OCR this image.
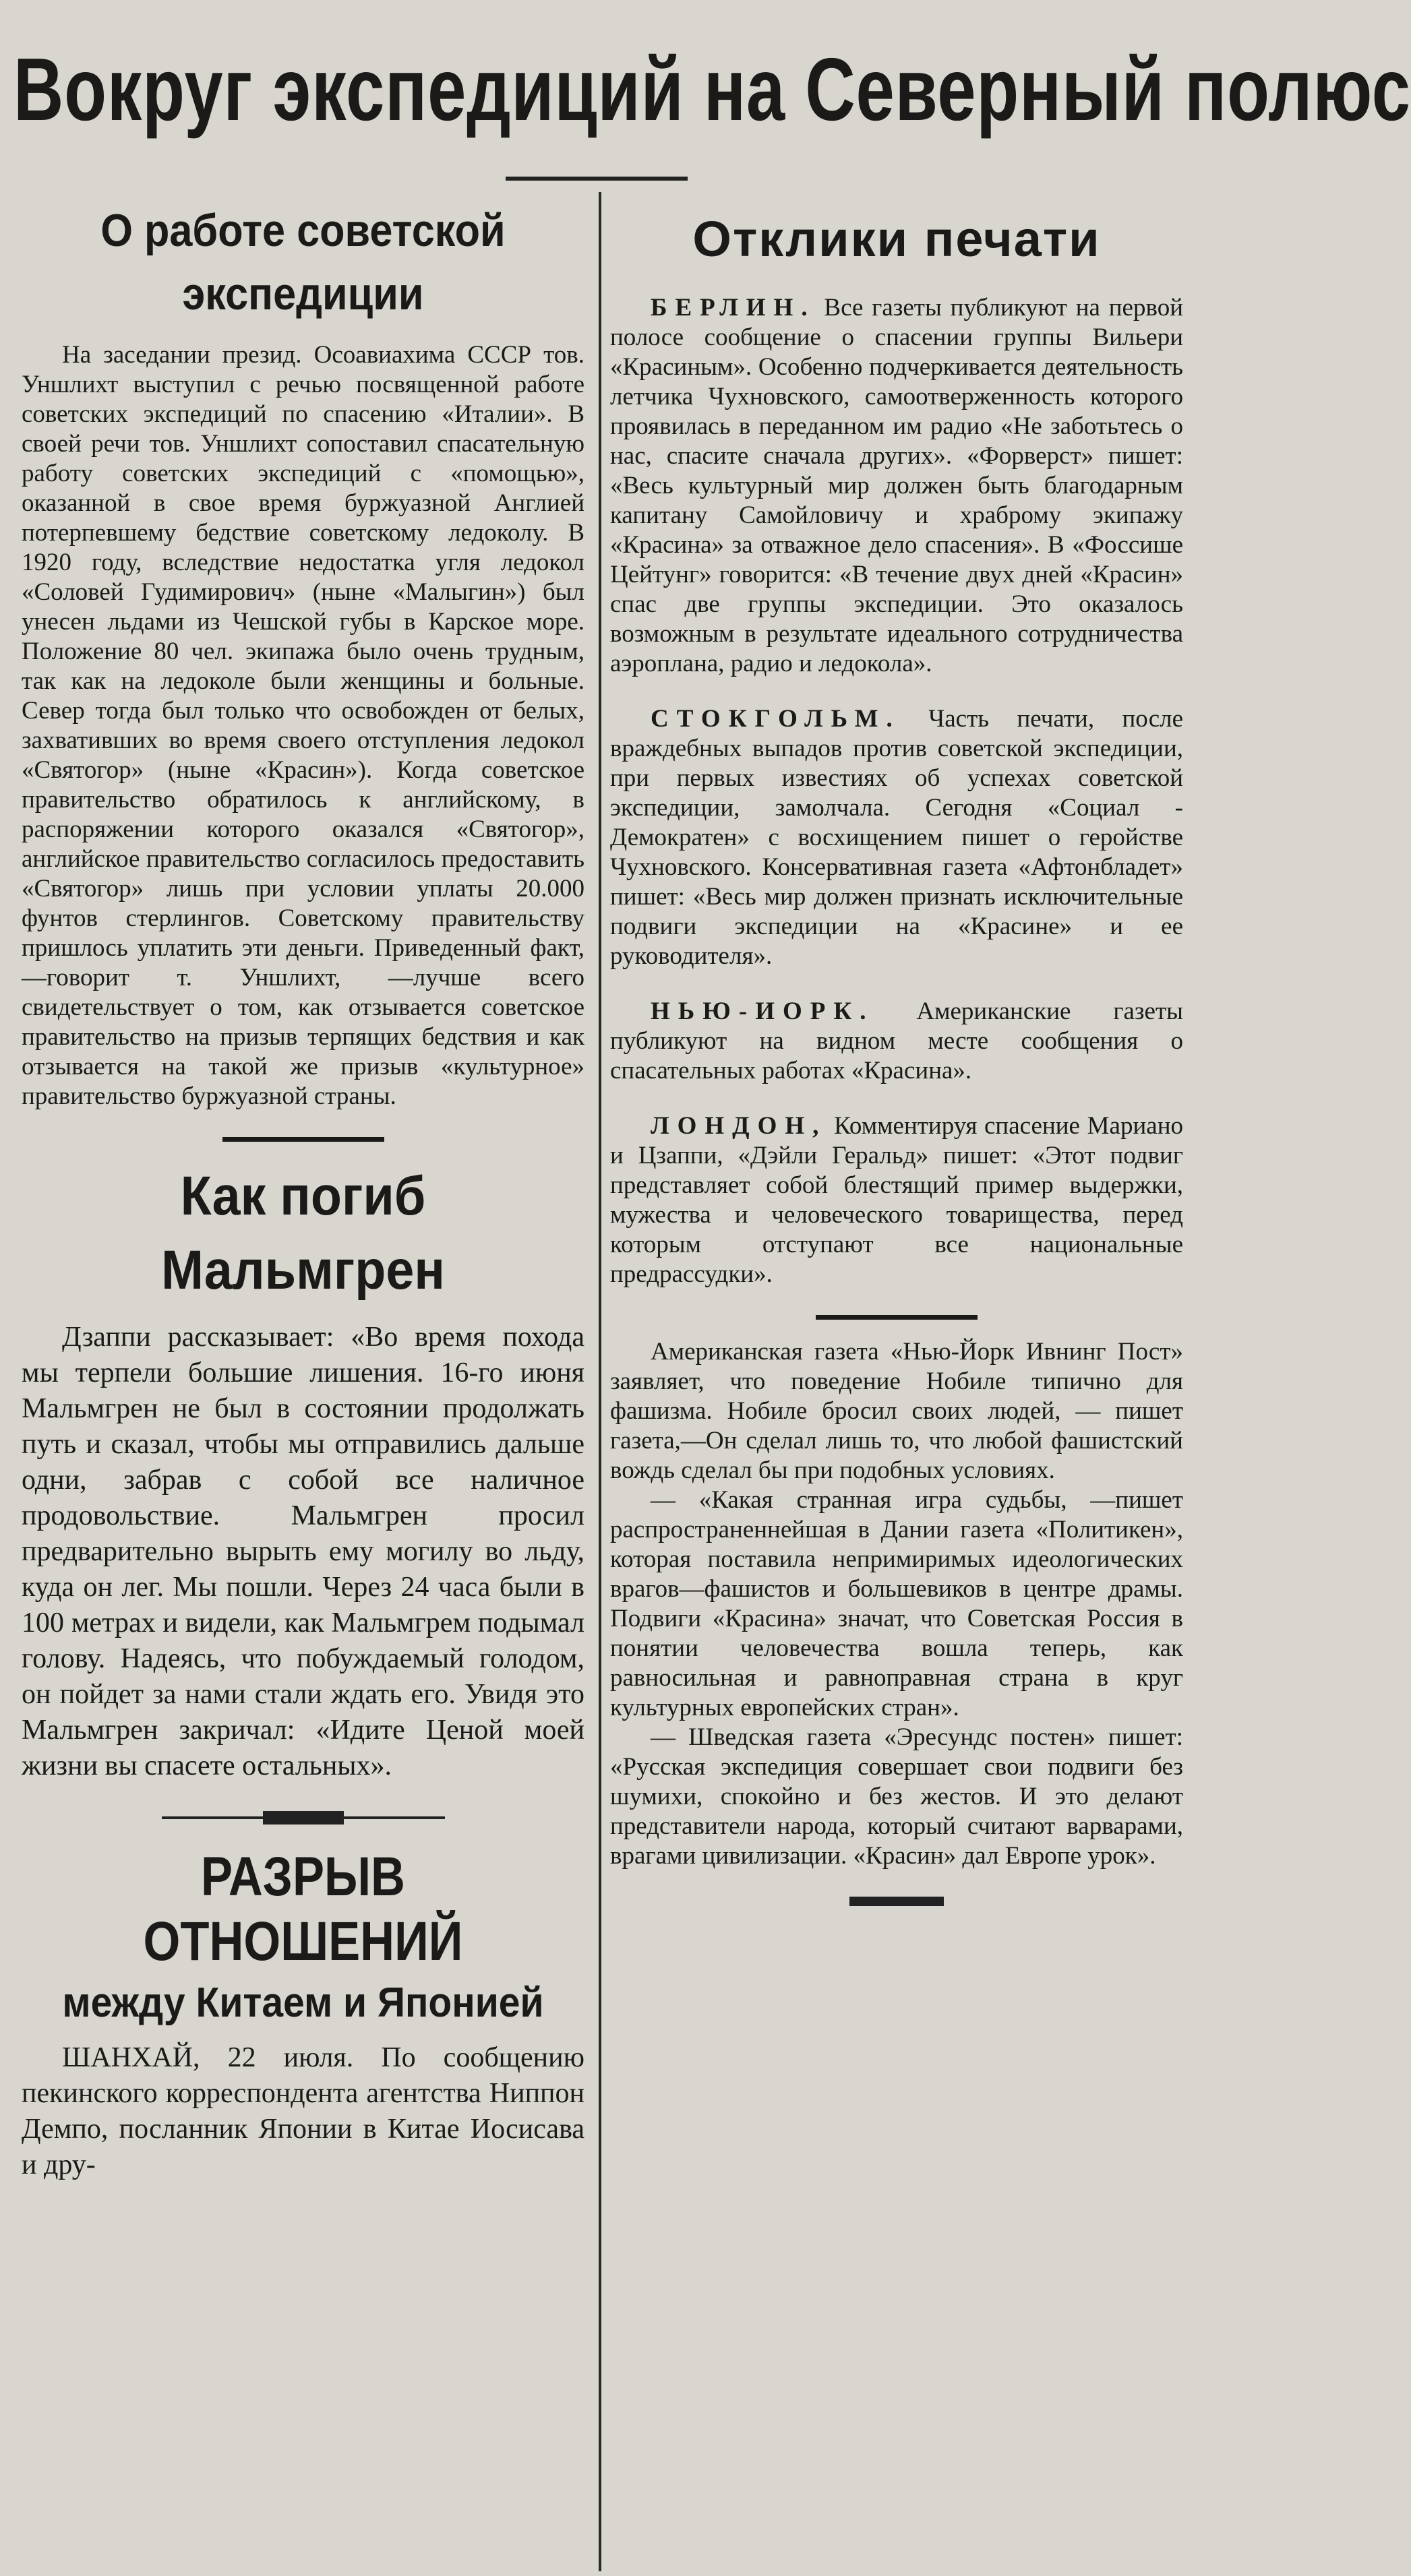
Вокруг экспедиций на Северный полюс
О работе советской экспедиции

На заседании презид. Осоавиахима СССР тов. Уншлихт выступил с речью посвященной работе советских экспедиций по спасению «Италии». В своей речи тов. Уншлихт сопоставил спасательную работу советских экспедиций с «помощью», оказанной в свое время буржуазной Англией потерпевшему бедствие советскому ледоколу. В 1920 году, вследствие недостатка угля ледокол «Соловей Гудимирович» (ныне «Малыгин») был унесен льдами из Чешской губы в Карское море. Положение 80 чел. экипажа было очень трудным, так как на ледоколе были женщины и больные. Север тогда был только что освобожден от белых, захвативших во время своего отступления ледокол «Святогор» (ныне «Красин»). Когда советское правительство обратилось к английскому, в распоряжении которого оказался «Святогор», английское правительство согласилось предоставить «Святогор» лишь при условии уплаты 20.000 фунтов стерлингов. Советскому правительству пришлось уплатить эти деньги. Приведенный факт,—говорит т. Уншлихт, —лучше всего свидетельствует о том, как отзывается советское правительство на призыв терпящих бедствия и как отзывается на такой же призыв «культурное» правительство буржуазной страны.

Как погиб Мальмгрен

Дзаппи рассказывает: «Во время похода мы терпели большие лишения. 16-го июня Мальмгрен не был в состоянии продолжать путь и сказал, чтобы мы отправились дальше одни, забрав с собой все наличное продовольствие. Мальмгрен просил предварительно вырыть ему могилу во льду, куда он лег. Мы пошли. Через 24 часа были в 100 метрах и видели, как Мальмгрем подымал голову. Надеясь, что побуждаемый голодом, он пойдет за нами стали ждать его. Увидя это Мальмгрен закричал: «Идите Ценой моей жизни вы спасете остальных».

РАЗРЫВ ОТНОШЕНИЙ
между Китаем и Японией

ШАНХАЙ, 22 июля. По сообщению пекинского корреспондента агентства Ниппон Демпо, посланник Японии в Китае Иосисава и дру-

Отклики печати

БЕРЛИН. Все газеты публикуют на первой полосе сообщение о спасении группы Вильери «Красиным». Особенно подчеркивается деятельность летчика Чухновского, самоотверженность которого проявилась в переданном им радио «Не заботьтесь о нас, спасите сначала других». «Форверст» пишет: «Весь культурный мир должен быть благодарным капитану Самойловичу и храброму экипажу «Красина» за отважное дело спасения». В «Фоссише Цейтунг» говорится: «В течение двух дней «Красин» спас две группы экспедиции. Это оказалось возможным в результате идеального сотрудничества аэроплана, радио и ледокола».

СТОКГОЛЬМ. Часть печати, после враждебных выпадов против советской экспедиции, при первых известиях об успехах советской экспедиции, замолчала. Сегодня «Социал - Демократен» с восхищением пишет о геройстве Чухновского. Консервативная газета «Афтонбладет» пишет: «Весь мир должен признать исключительные подвиги экспедиции на «Красине» и ее руководителя».

НЬЮ-ИОРК. Американские газеты публикуют на видном месте сообщения о спасательных работах «Красина».

ЛОНДОН, Комментируя спасение Мариано и Цзаппи, «Дэйли Геральд» пишет: «Этот подвиг представляет собой блестящий пример выдержки, мужества и человеческого товарищества, перед которым отступают все национальные предрассудки».

Американская газета «Нью-Йорк Ивнинг Пост» заявляет, что поведение Нобиле типично для фашизма. Нобиле бросил своих людей, — пишет газета,—Он сделал лишь то, что любой фашистский вождь сделал бы при подобных условиях.

— «Какая странная игра судьбы, —пишет распространеннейшая в Дании газета «Политикен», которая поставила непримиримых идеологических врагов—фашистов и большевиков в центре драмы. Подвиги «Красина» значат, что Советская Россия в понятии человечества вошла теперь, как равносильная и равноправная страна в круг культурных европейских стран».

— Шведская газета «Эресундс постен» пишет: «Русская экспедиция совершает свои подвиги без шумихи, спокойно и без жестов. И это делают представители народа, который считают варварами, врагами цивилизации. «Красин» дал Европе урок».
